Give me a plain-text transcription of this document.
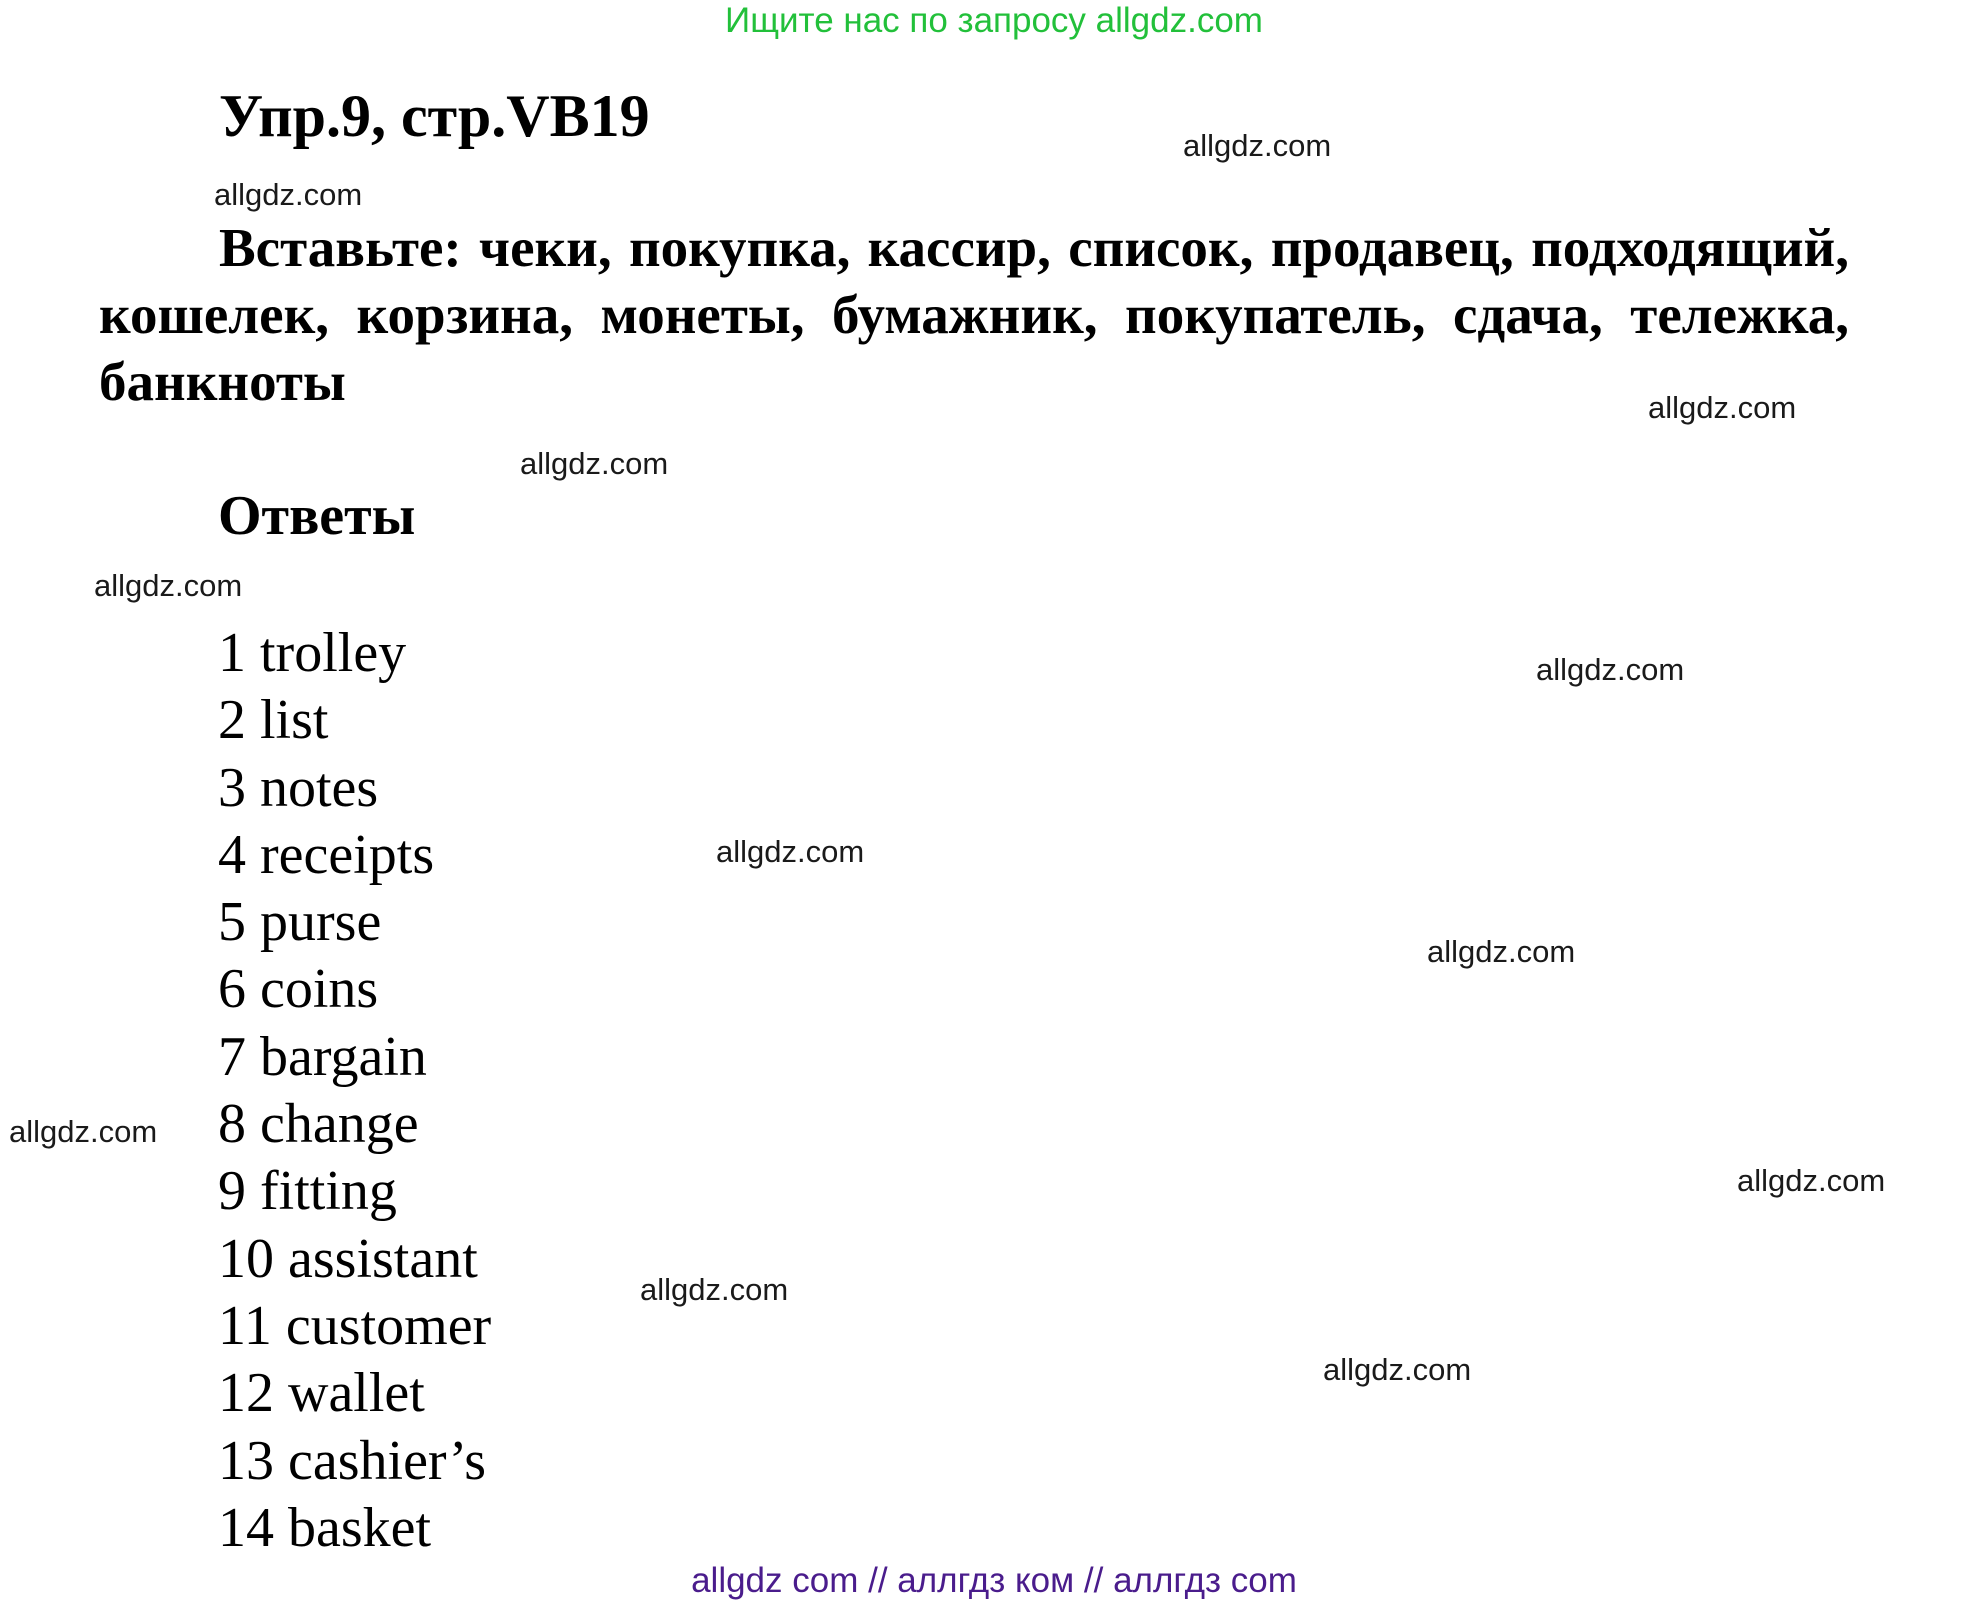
Ищите нас по запросу allgdz.com
Упр.9, стр.VB19

Вставьте: чеки, покупка, кассир, список, продавец, подходящий, кошелек, корзина, монеты, бумажник, покупатель, сдача, тележка, банкноты

Ответы
1 trolley
2 list
3 notes
4 receipts
5 purse
6 coins
7 bargain
8 change
9 fitting
10 assistant
11 customer
12 wallet
13 cashier’s
14 basket
allgdz.com
allgdz.com
allgdz.com
allgdz.com
allgdz.com
allgdz.com
allgdz.com
allgdz.com
allgdz.com
allgdz.com
allgdz.com
allgdz.com
allgdz com // аллгдз ком // аллгдз com
